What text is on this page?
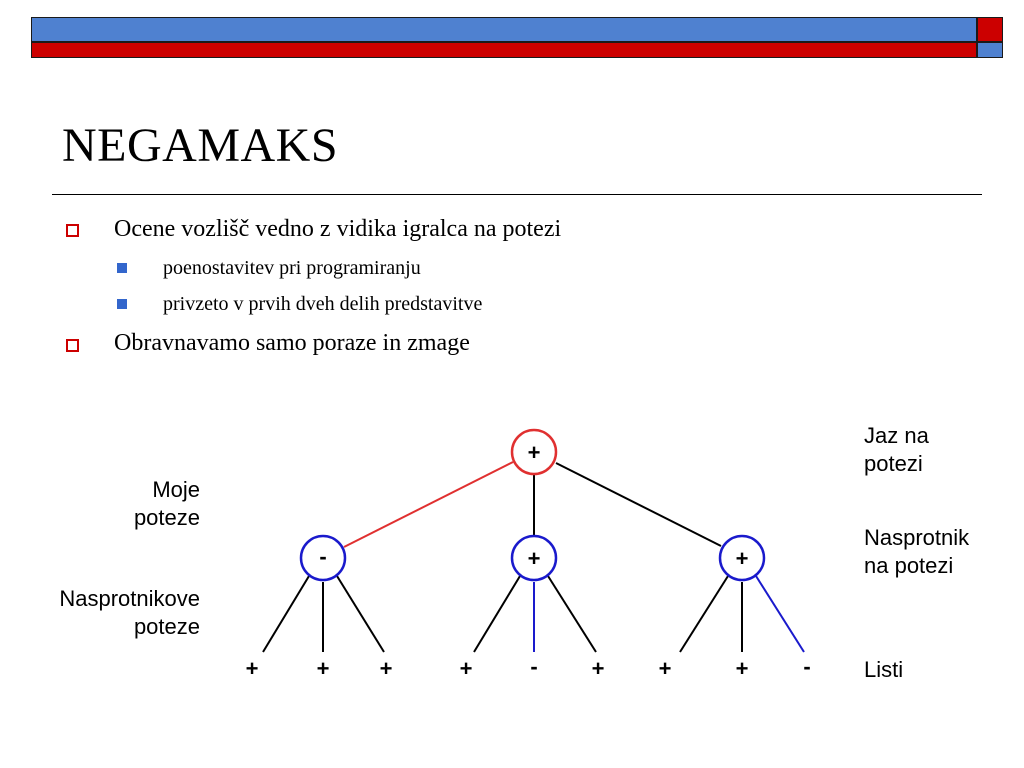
NEGAMAKS
Ocene vozlišč vedno z vidika igralca na potezi
poenostavitev pri programiranju
privzeto v prvih dveh delih predstavitve
Obravnavamo samo poraze in zmage
+
-	+	+
+	+ +	+	- + +	+ -
Moje
poteze
Nasprotnikove
poteze
Jaz na
potezi
Nasprotnik
na potezi
Listi
